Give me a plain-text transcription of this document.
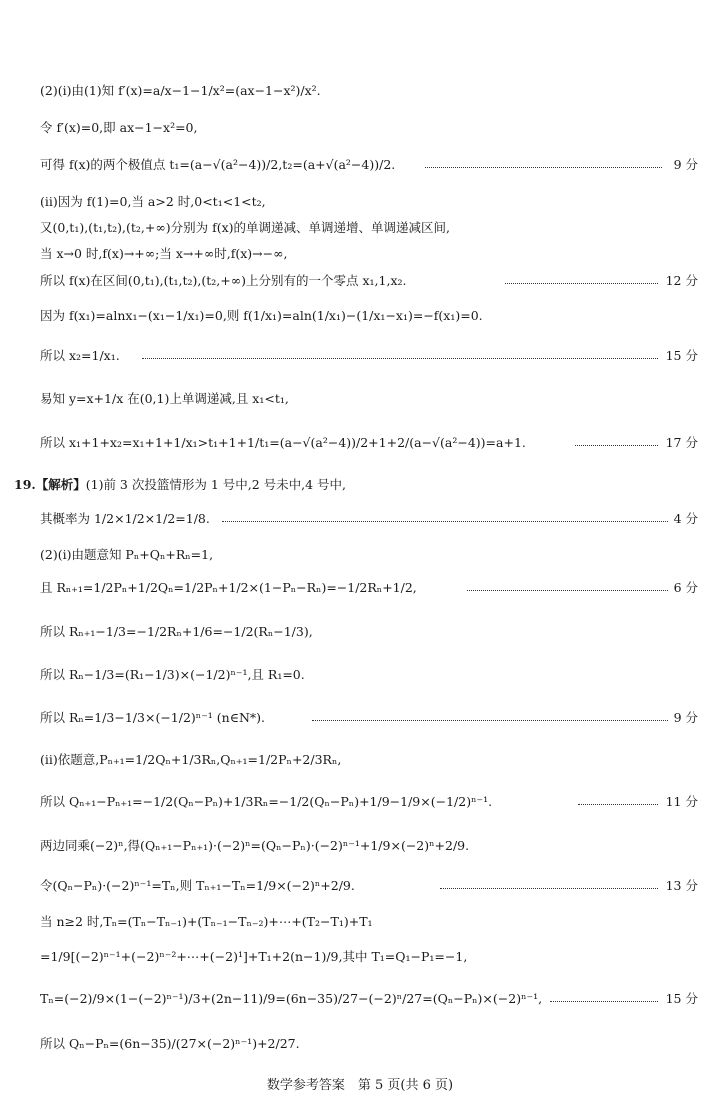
(2)(i)由(1)知 f′(x)=a/x−1−1/x²=(ax−1−x²)/x².
令 f′(x)=0,即 ax−1−x²=0,
可得 f(x)的两个极值点 t₁=(a−√(a²−4))/2,t₂=(a+√(a²−4))/2.	9 分
(ii)因为 f(1)=0,当 a>2 时,0<t₁<1<t₂,
又(0,t₁),(t₁,t₂),(t₂,+∞)分别为 f(x)的单调递减、单调递增、单调递减区间,
当 x→0 时,f(x)→+∞;当 x→+∞时,f(x)→−∞,
所以 f(x)在区间(0,t₁),(t₁,t₂),(t₂,+∞)上分别有的一个零点 x₁,1,x₂.	12 分
因为 f(x₁)=alnx₁−(x₁−1/x₁)=0,则 f(1/x₁)=aln(1/x₁)−(1/x₁−x₁)=−f(x₁)=0.
所以 x₂=1/x₁.	15 分
易知 y=x+1/x 在(0,1)上单调递减,且 x₁<t₁,
所以 x₁+1+x₂=x₁+1+1/x₁>t₁+1+1/t₁=(a−√(a²−4))/2+1+2/(a−√(a²−4))=a+1.	17 分
19.【解析】(1)前 3 次投篮情形为 1 号中,2 号未中,4 号中,
其概率为 1/2×1/2×1/2=1/8.	4 分
(2)(i)由题意知 Pₙ+Qₙ+Rₙ=1,
且 Rₙ₊₁=1/2Pₙ+1/2Qₙ=1/2Pₙ+1/2×(1−Pₙ−Rₙ)=−1/2Rₙ+1/2,	6 分
所以 Rₙ₊₁−1/3=−1/2Rₙ+1/6=−1/2(Rₙ−1/3),
所以 Rₙ−1/3=(R₁−1/3)×(−1/2)ⁿ⁻¹,且 R₁=0.
所以 Rₙ=1/3−1/3×(−1/2)ⁿ⁻¹ (n∈N*).	9 分
(ii)依题意,Pₙ₊₁=1/2Qₙ+1/3Rₙ,Qₙ₊₁=1/2Pₙ+2/3Rₙ,
所以 Qₙ₊₁−Pₙ₊₁=−1/2(Qₙ−Pₙ)+1/3Rₙ=−1/2(Qₙ−Pₙ)+1/9−1/9×(−1/2)ⁿ⁻¹.	11 分
两边同乘(−2)ⁿ,得(Qₙ₊₁−Pₙ₊₁)·(−2)ⁿ=(Qₙ−Pₙ)·(−2)ⁿ⁻¹+1/9×(−2)ⁿ+2/9.
令(Qₙ−Pₙ)·(−2)ⁿ⁻¹=Tₙ,则 Tₙ₊₁−Tₙ=1/9×(−2)ⁿ+2/9.	13 分
当 n≥2 时,Tₙ=(Tₙ−Tₙ₋₁)+(Tₙ₋₁−Tₙ₋₂)+⋯+(T₂−T₁)+T₁
=1/9[(−2)ⁿ⁻¹+(−2)ⁿ⁻²+⋯+(−2)¹]+T₁+2(n−1)/9,其中 T₁=Q₁−P₁=−1,
Tₙ=(−2)/9×(1−(−2)ⁿ⁻¹)/3+(2n−11)/9=(6n−35)/27−(−2)ⁿ/27=(Qₙ−Pₙ)×(−2)ⁿ⁻¹,	15 分
所以 Qₙ−Pₙ=(6n−35)/(27×(−2)ⁿ⁻¹)+2/27.
数学参考答案　第 5 页(共 6 页)
